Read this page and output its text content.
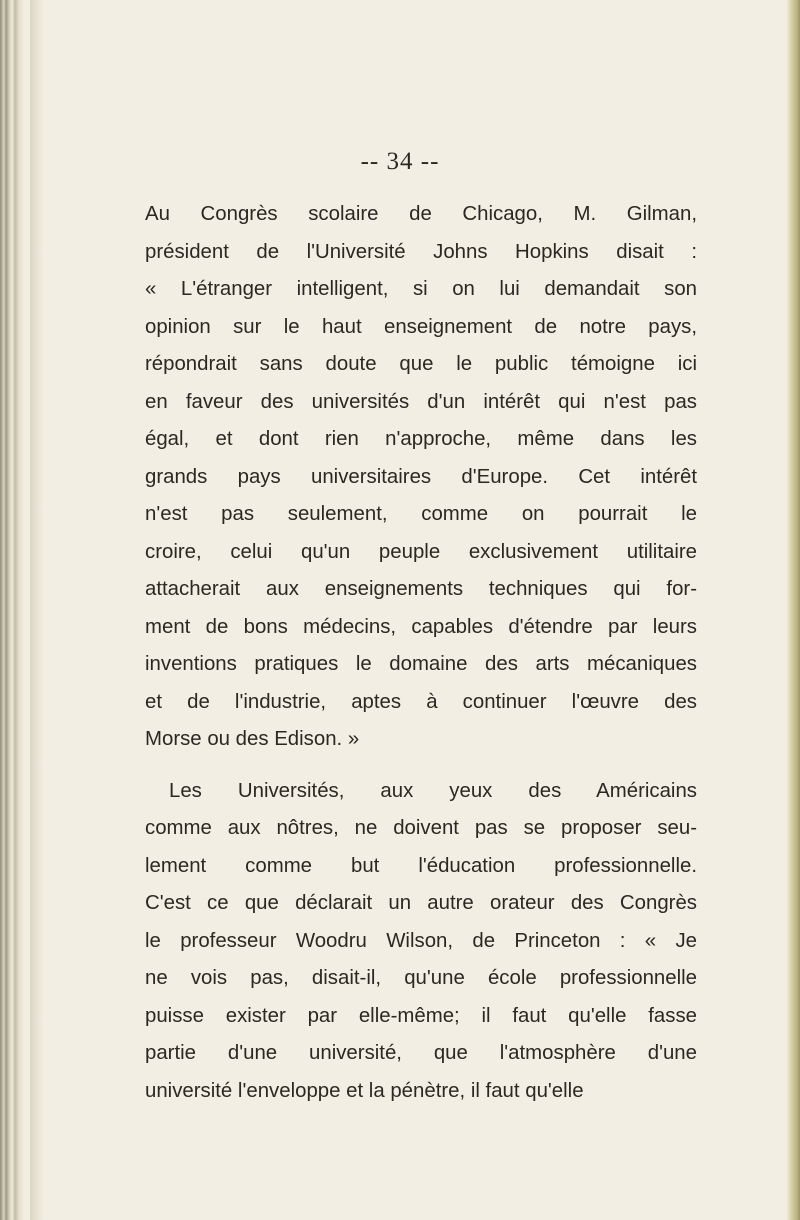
-- 34 --
Au Congrès scolaire de Chicago, M. Gilman,
président de l'Université Johns Hopkins disait :
« L'étranger intelligent, si on lui demandait son
opinion sur le haut enseignement de notre pays,
répondrait sans doute que le public témoigne ici
en faveur des universités d'un intérêt qui n'est pas
égal, et dont rien n'approche, même dans les
grands pays universitaires d'Europe. Cet intérêt
n'est pas seulement, comme on pourrait le
croire, celui qu'un peuple exclusivement utilitaire
attacherait aux enseignements techniques qui for-
ment de bons médecins, capables d'étendre par leurs
inventions pratiques le domaine des arts mécaniques
et de l'industrie, aptes à continuer l'œuvre des
Morse ou des Edison. »
Les Universités, aux yeux des Américains
comme aux nôtres, ne doivent pas se proposer seu-
lement comme but l'éducation professionnelle.
C'est ce que déclarait un autre orateur des Congrès
le professeur Woodru Wilson, de Princeton : « Je
ne vois pas, disait-il, qu'une école professionnelle
puisse exister par elle-même; il faut qu'elle fasse
partie d'une université, que l'atmosphère d'une
université l'enveloppe et la pénètre, il faut qu'elle
